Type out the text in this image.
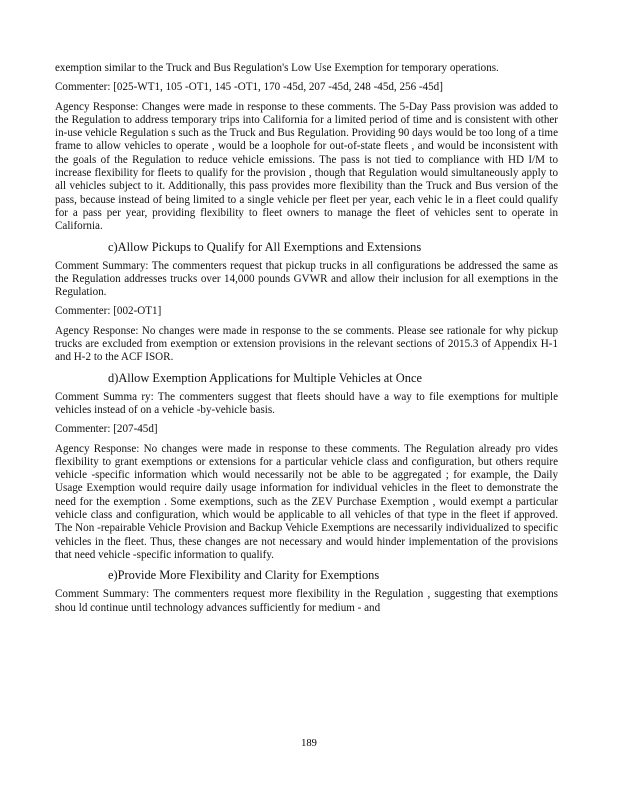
exemption similar to the Truck and Bus Regulation's Low Use Exemption for temporary operations.

Commenter: [025-WT1, 105 -OT1, 145 -OT1, 170 -45d, 207 -45d, 248 -45d, 256 -45d]

Agency Response: Changes were made in response to these comments. The 5-Day Pass provision was added to the Regulation to address temporary trips into California for a limited period of time and is consistent with other in-use vehicle Regulation s such as the Truck and Bus Regulation. Providing 90 days would be too long of a time frame to allow vehicles to operate , would be a loophole for out-of-state fleets , and would be inconsistent with the goals of the Regulation to reduce vehicle emissions. The pass is not tied to compliance with HD I/M to increase flexibility for fleets to qualify for the provision , though that Regulation would simultaneously apply to all vehicles subject to it. Additionally, this pass provides more flexibility than the Truck and Bus version of the pass, because instead of being limited to a single vehicle per fleet per year, each vehic le in a fleet could qualify for a pass per year, providing flexibility to fleet owners to manage the fleet of vehicles sent to operate in California.

c)Allow Pickups to Qualify for All Exemptions and Extensions

Comment Summary: The commenters request that pickup trucks in all configurations be addressed the same as the Regulation addresses trucks over 14,000 pounds GVWR and allow their inclusion for all exemptions in the Regulation.

Commenter: [002-OT1]

Agency Response: No changes were made in response to the se comments. Please see rationale for why pickup trucks are excluded from exemption or extension provisions in the relevant sections of 2015.3 of Appendix H-1 and H-2 to the ACF ISOR.

d)Allow Exemption Applications for Multiple Vehicles at Once

Comment Summa ry: The commenters suggest that fleets should have a way to file exemptions for multiple vehicles instead of on a vehicle -by-vehicle basis.

Commenter: [207-45d]

Agency Response: No changes were made in response to these comments. The Regulation already pro vides flexibility to grant exemptions or extensions for a particular vehicle class and configuration, but others require vehicle -specific information which would necessarily not be able to be aggregated ; for example, the Daily Usage Exemption would require daily usage information for individual vehicles in the fleet to demonstrate the need for the exemption . Some exemptions, such as the ZEV Purchase Exemption , would exempt a particular vehicle class and configuration, which would be applicable to all vehicles of that type in the fleet if approved. The Non -repairable Vehicle Provision and Backup Vehicle Exemptions are necessarily individualized to specific vehicles in the fleet. Thus, these changes are not necessary and would hinder implementation of the provisions that need vehicle -specific information to qualify.

e)Provide More Flexibility and Clarity for Exemptions

Comment Summary: The commenters request more flexibility in the Regulation , suggesting that exemptions shou ld continue until technology advances sufficiently for medium - and

189
